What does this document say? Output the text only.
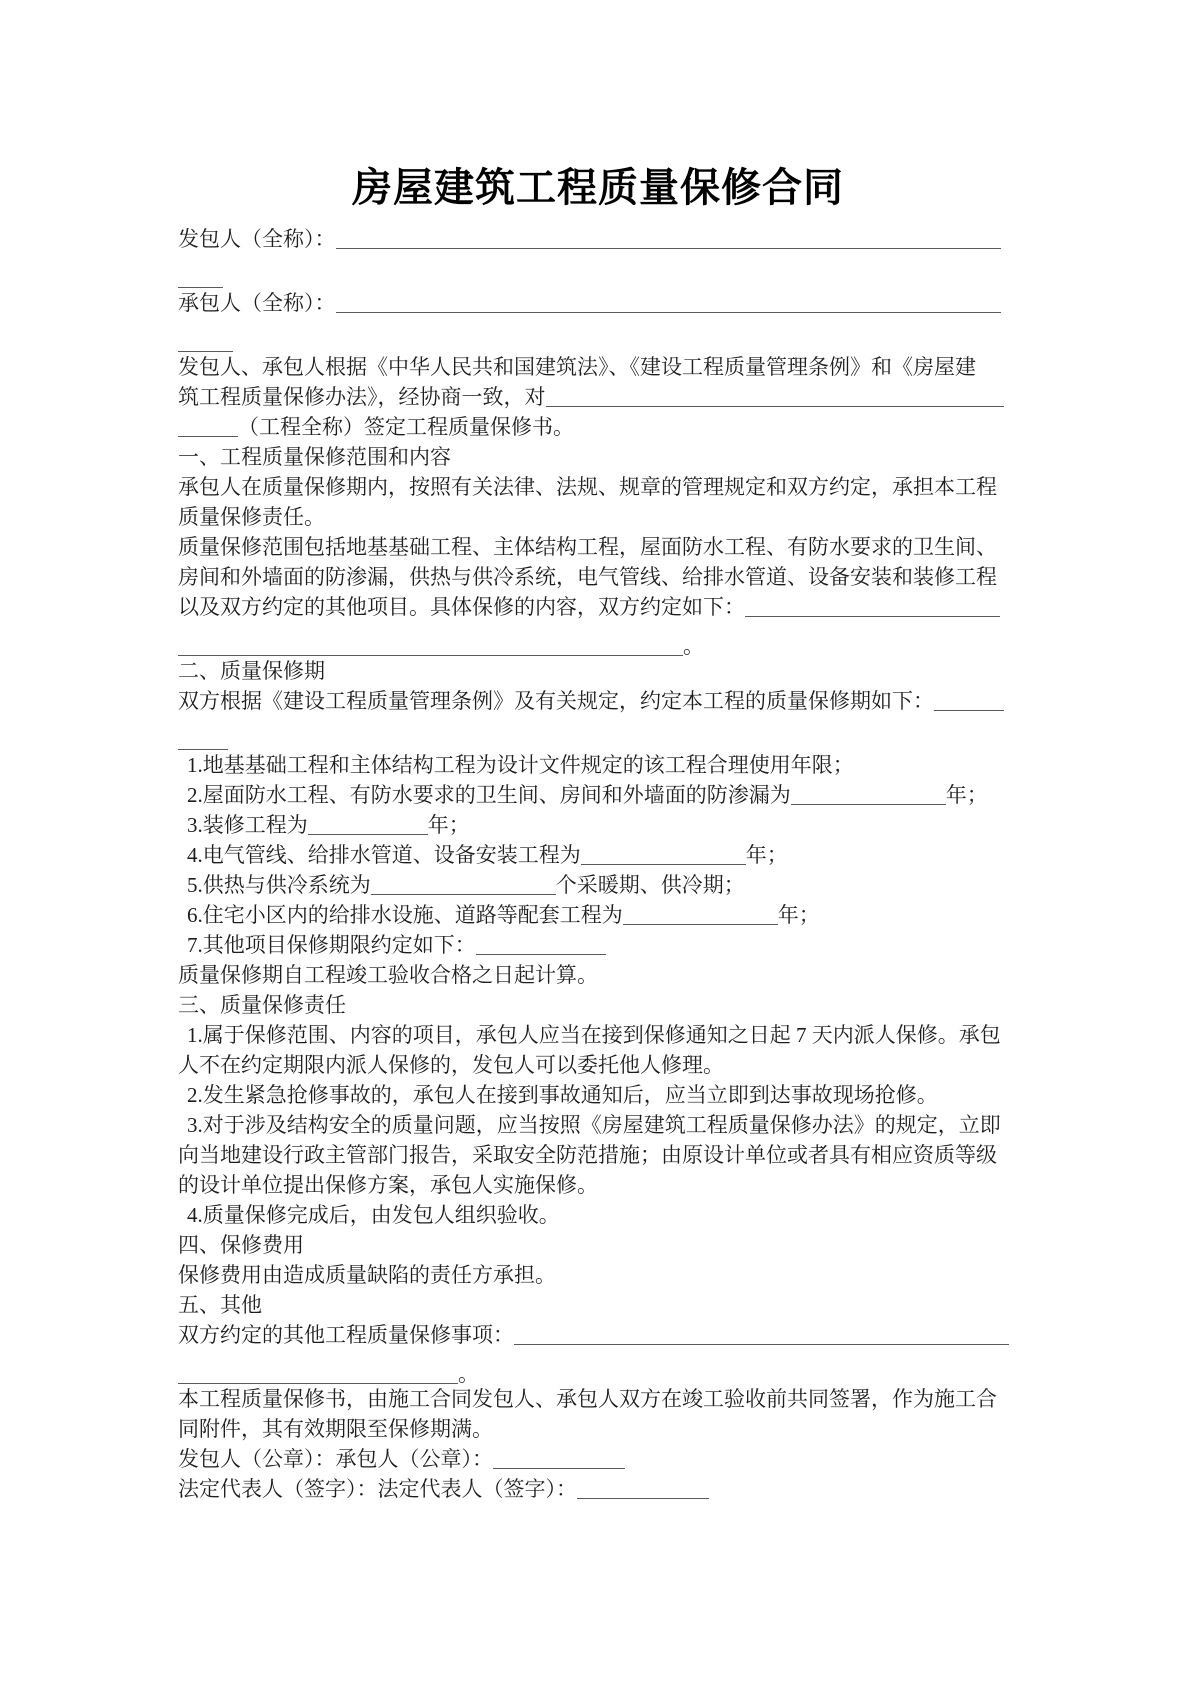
房屋建筑工程质量保修合同
发包人（全称）：
承包人（全称）：
发包人、承包人根据《中华人民共和国建筑法》、《建设工程质量管理条例》和《房屋建
筑工程质量保修办法》，经协商一致，对
（工程全称）签定工程质量保修书。
一、工程质量保修范围和内容
承包人在质量保修期内，按照有关法律、法规、规章的管理规定和双方约定，承担本工程
质量保修责任。
质量保修范围包括地基基础工程、主体结构工程，屋面防水工程、有防水要求的卫生间、
房间和外墙面的防渗漏，供热与供冷系统，电气管线、给排水管道、设备安装和装修工程
以及双方约定的其他项目。具体保修的内容，双方约定如下：
。
二、质量保修期
双方根据《建设工程质量管理条例》及有关规定，约定本工程的质量保修期如下：
1.地基基础工程和主体结构工程为设计文件规定的该工程合理使用年限；
2.屋面防水工程、有防水要求的卫生间、房间和外墙面的防渗漏为	年；
3.装修工程为	年；
4.电气管线、给排水管道、设备安装工程为	年；
5.供热与供冷系统为	个采暖期、供冷期；
6.住宅小区内的给排水设施、道路等配套工程为	年；
7.其他项目保修期限约定如下：
质量保修期自工程竣工验收合格之日起计算。
三、质量保修责任
1.属于保修范围、内容的项目，承包人应当在接到保修通知之日起 7 天内派人保修。承包
人不在约定期限内派人保修的，发包人可以委托他人修理。
2.发生紧急抢修事故的，承包人在接到事故通知后，应当立即到达事故现场抢修。
3.对于涉及结构安全的质量问题，应当按照《房屋建筑工程质量保修办法》的规定，立即
向当地建设行政主管部门报告，采取安全防范措施；由原设计单位或者具有相应资质等级
的设计单位提出保修方案，承包人实施保修。
4.质量保修完成后，由发包人组织验收。
四、保修费用
保修费用由造成质量缺陷的责任方承担。
五、其他
双方约定的其他工程质量保修事项：
。
本工程质量保修书，由施工合同发包人、承包人双方在竣工验收前共同签署，作为施工合
同附件，其有效期限至保修期满。
发包人（公章）：承包人（公章）：
法定代表人（签字）：法定代表人（签字）：
